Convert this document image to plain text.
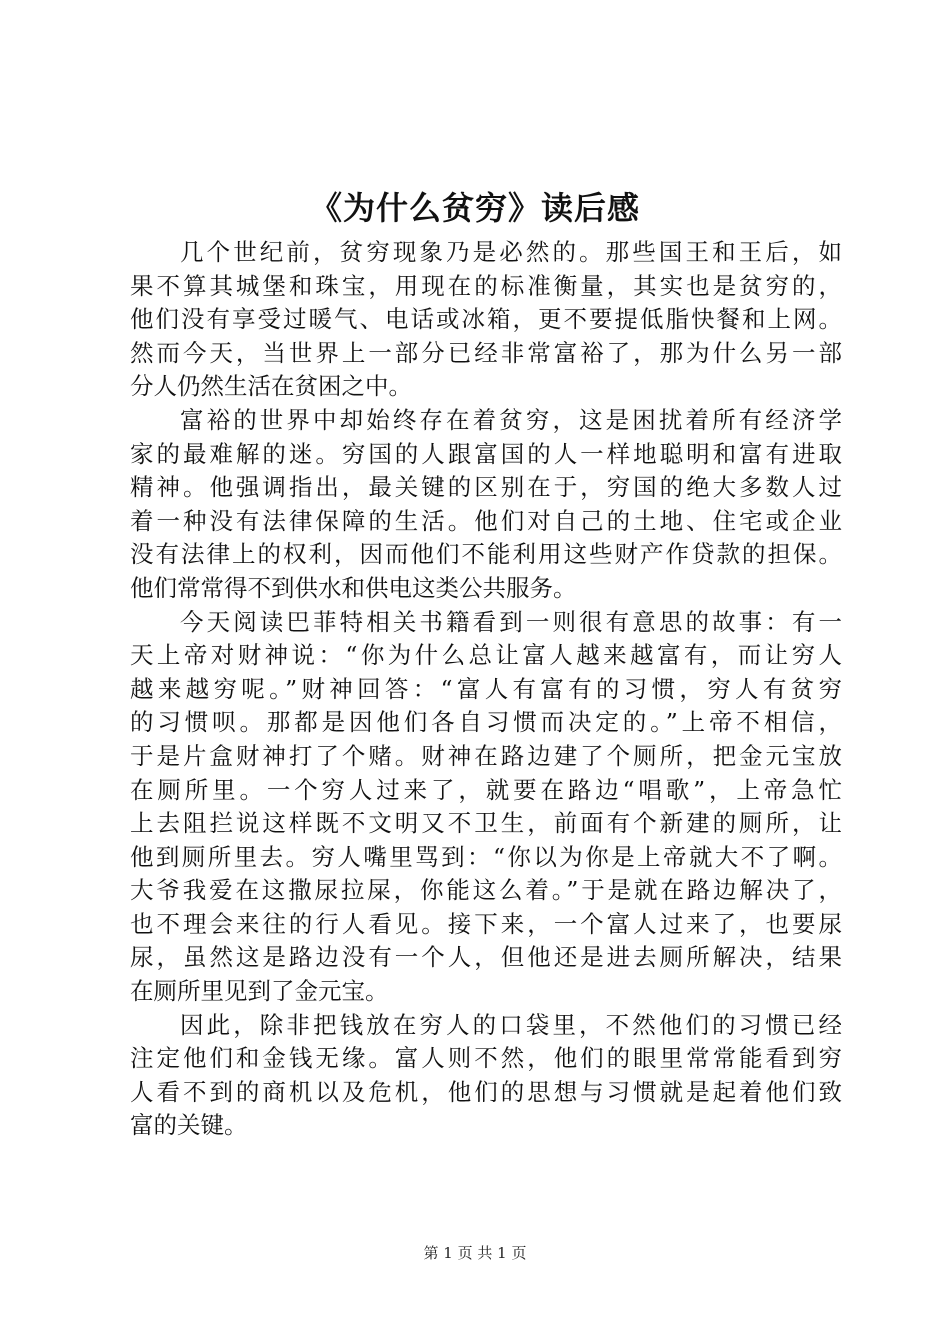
《为什么贫穷》读后感
几个世纪前，贫穷现象乃是必然的。那些国王和王后，如
果不算其城堡和珠宝，用现在的标准衡量，其实也是贫穷的，
他们没有享受过暖气、电话或冰箱，更不要提低脂快餐和上网。
然而今天，当世界上一部分已经非常富裕了，那为什么另一部
分人仍然生活在贫困之中。
富裕的世界中却始终存在着贫穷，这是困扰着所有经济学
家的最难解的迷。穷国的人跟富国的人一样地聪明和富有进取
精神。他强调指出，最关键的区别在于，穷国的绝大多数人过
着一种没有法律保障的生活。他们对自己的土地、住宅或企业
没有法律上的权利，因而他们不能利用这些财产作贷款的担保。
他们常常得不到供水和供电这类公共服务。
今天阅读巴菲特相关书籍看到一则很有意思的故事：有一
天上帝对财神说：“你为什么总让富人越来越富有，而让穷人
越来越穷呢。”财神回答：“富人有富有的习惯，穷人有贫穷
的习惯呗。那都是因他们各自习惯而决定的。”上帝不相信，
于是片盒财神打了个赌。财神在路边建了个厕所，把金元宝放
在厕所里。一个穷人过来了，就要在路边“唱歌”，上帝急忙
上去阻拦说这样既不文明又不卫生，前面有个新建的厕所，让
他到厕所里去。穷人嘴里骂到：“你以为你是上帝就大不了啊。
大爷我爱在这撒尿拉屎，你能这么着。”于是就在路边解决了，
也不理会来往的行人看见。接下来，一个富人过来了，也要尿
尿，虽然这是路边没有一个人，但他还是进去厕所解决，结果
在厕所里见到了金元宝。
因此，除非把钱放在穷人的口袋里，不然他们的习惯已经
注定他们和金钱无缘。富人则不然，他们的眼里常常能看到穷
人看不到的商机以及危机，他们的思想与习惯就是起着他们致
富的关键。
第 1 页 共 1 页
